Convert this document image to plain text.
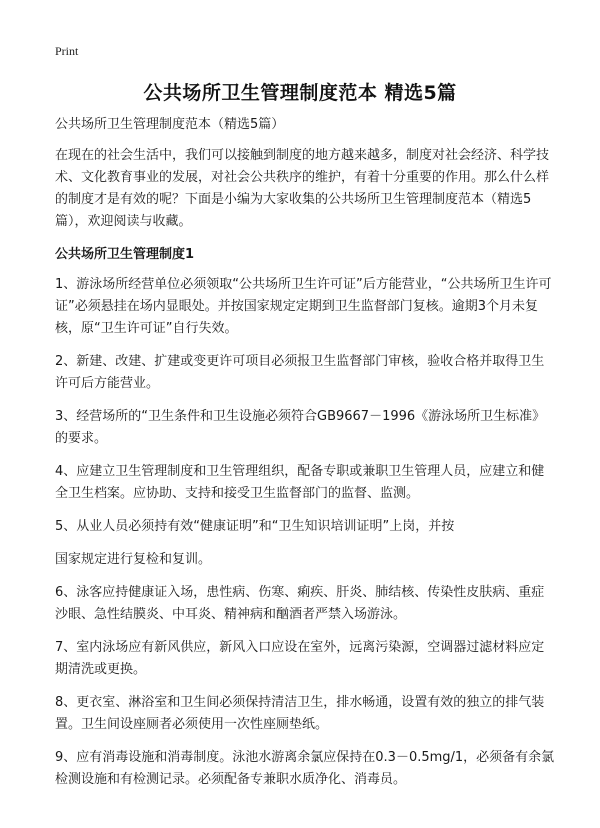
Print
公共场所卫生管理制度范本 精选5篇

公共场所卫生管理制度范本（精选5篇）

在现在的社会生活中，我们可以接触到制度的地方越来越多，制度对社会经济、科学技术、文化教育事业的发展，对社会公共秩序的维护，有着十分重要的作用。那么什么样的制度才是有效的呢？下面是小编为大家收集的公共场所卫生管理制度范本（精选5篇），欢迎阅读与收藏。

公共场所卫生管理制度1

1、游泳场所经营单位必须领取“公共场所卫生许可证”后方能营业，“公共场所卫生许可证”必须悬挂在场内显眼处。并按国家规定定期到卫生监督部门复核。逾期3个月未复核，原“卫生许可证”自行失效。

2、新建、改建、扩建或变更许可项目必须报卫生监督部门审核，验收合格并取得卫生许可后方能营业。

3、经营场所的“卫生条件和卫生设施必须符合GB9667－1996《游泳场所卫生标准》的要求。

4、应建立卫生管理制度和卫生管理组织，配备专职或兼职卫生管理人员，应建立和健全卫生档案。应协助、支持和接受卫生监督部门的监督、监测。

5、从业人员必须持有效“健康证明”和“卫生知识培训证明”上岗，并按

国家规定进行复检和复训。

6、泳客应持健康证入场，患性病、伤寒、痢疾、肝炎、肺结核、传染性皮肤病、重症沙眼、急性结膜炎、中耳炎、精神病和酗酒者严禁入场游泳。

7、室内泳场应有新风供应，新风入口应设在室外，远离污染源，空调器过滤材料应定期清洗或更换。

8、更衣室、淋浴室和卫生间必须保持清洁卫生，排水畅通，设置有效的独立的排气装置。卫生间设座厕者必须使用一次性座厕垫纸。

9、应有消毒设施和消毒制度。泳池水游离余氯应保持在0.3－0.5mg/1，必须备有余氯检测设施和有检测记录。必须配备专兼职水质净化、消毒员。
